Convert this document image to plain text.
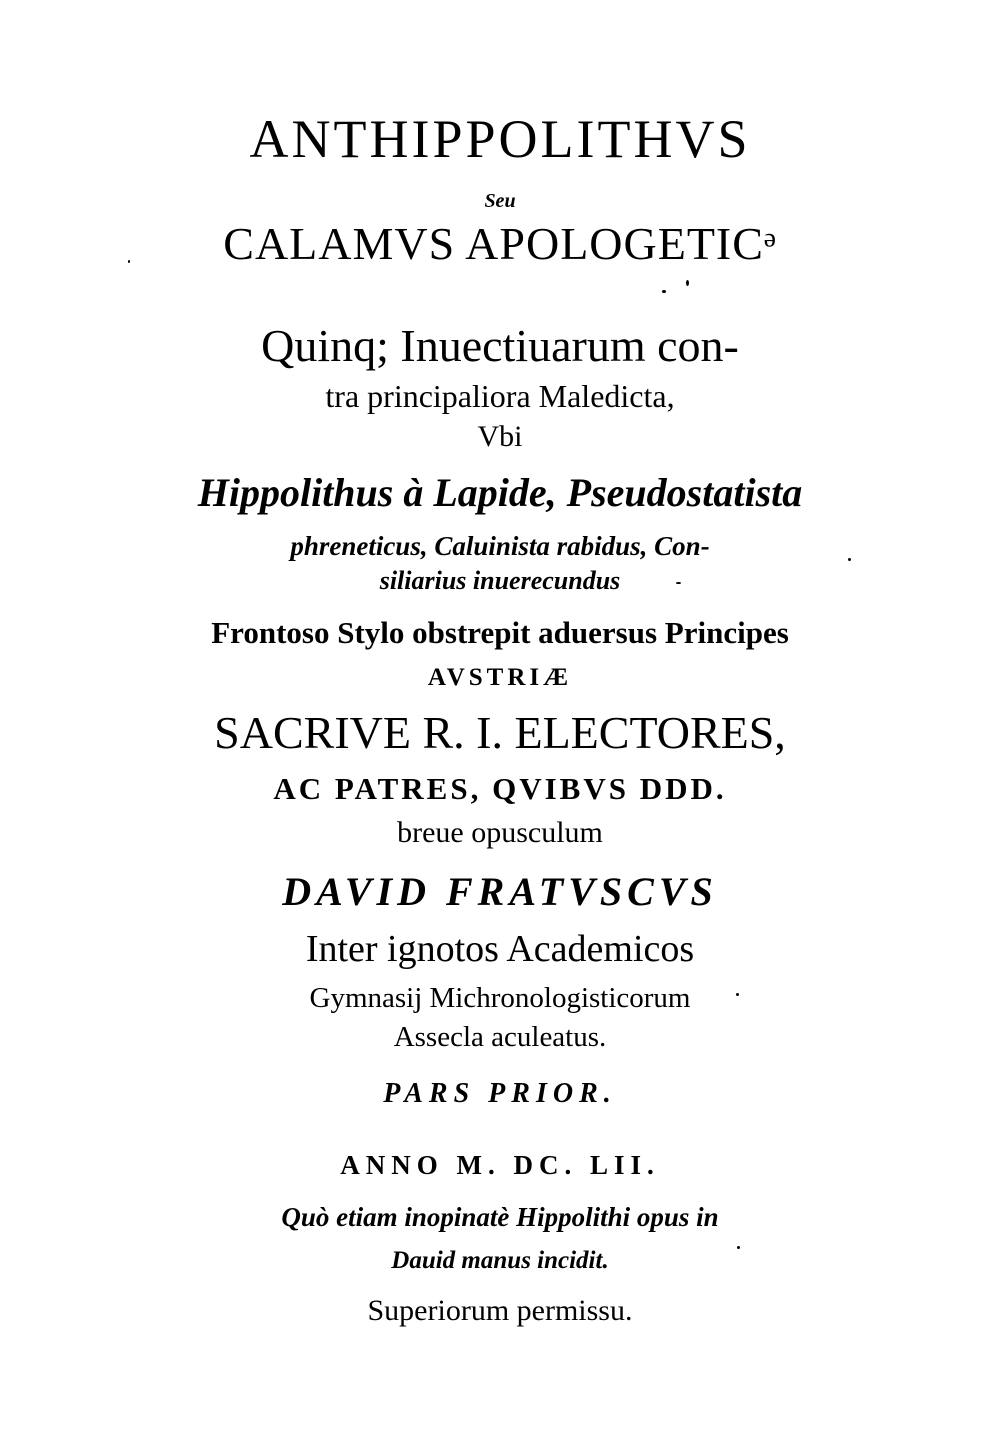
ANTHIPPOLITHVS
Seu
CALAMVS APOLOGETICᵊ
Quinq; Inuectiuarum con-
tra principaliora Maledicta,
Vbi
Hippolithus à Lapide, Pseudostatista
phreneticus, Caluinista rabidus, Con-
siliarius inuerecundus
Frontoso Stylo obstrepit aduersus Principes
AVSTRIÆ
SACRIVE R. I. ELECTORES,
AC PATRES, QVIBVS DDD.
breue opusculum
DAVID FRATVSCVS
Inter ignotos Academicos
Gymnasij Michronologisticorum
Assecla aculeatus.
PARS PRIOR.
ANNO M. DC. LII.
Quò etiam inopinatè Hippolithi opus in
Dauid manus incidit.
Superiorum permissu.
